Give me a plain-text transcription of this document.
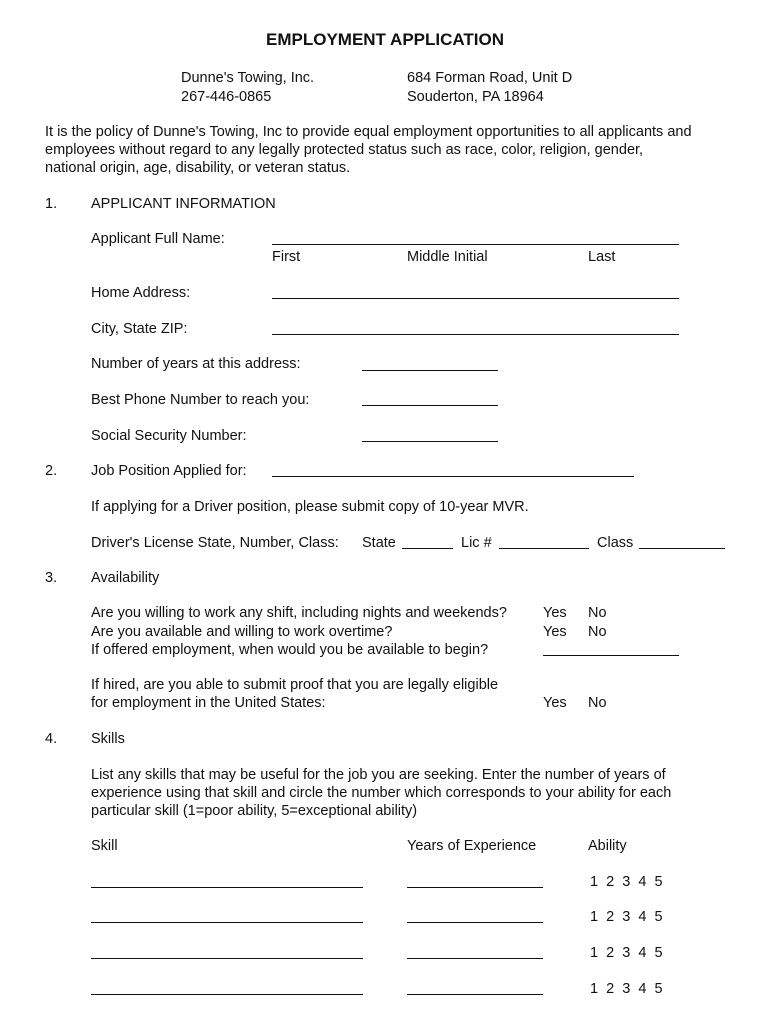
EMPLOYMENT APPLICATION
Dunne's Towing, Inc.
267-446-0865
684 Forman Road, Unit D
Souderton, PA 18964
It is the policy of Dunne's Towing, Inc to provide equal employment opportunities to all applicants and
employees without regard to any legally protected status such as race, color, religion, gender,
national origin, age, disability, or veteran status.
1. APPLICANT INFORMATION
Applicant Full Name:
First	Middle Initial	Last
Home Address:
City, State ZIP:
Number of years at this address:
Best Phone Number to reach you:
Social Security Number:
2. Job Position Applied for:
If applying for a Driver position, please submit copy of 10-year MVR.
Driver's License State, Number, Class: State	Lic #	Class
3. Availability
Are you willing to work any shift, including nights and weekends? Yes No
Are you available and willing to work overtime?	Yes No
If offered employment, when would you be available to begin?
If hired, are you able to submit proof that you are legally eligible
for employment in the United States:	Yes No
4. Skills
List any skills that may be useful for the job you are seeking. Enter the number of years of
experience using that skill and circle the number which corresponds to your ability for each
particular skill (1=poor ability, 5=exceptional ability)
Skill	Years of Experience	Ability
1  2  3  4  5
1  2  3  4  5
1  2  3  4  5
1  2  3  4  5
